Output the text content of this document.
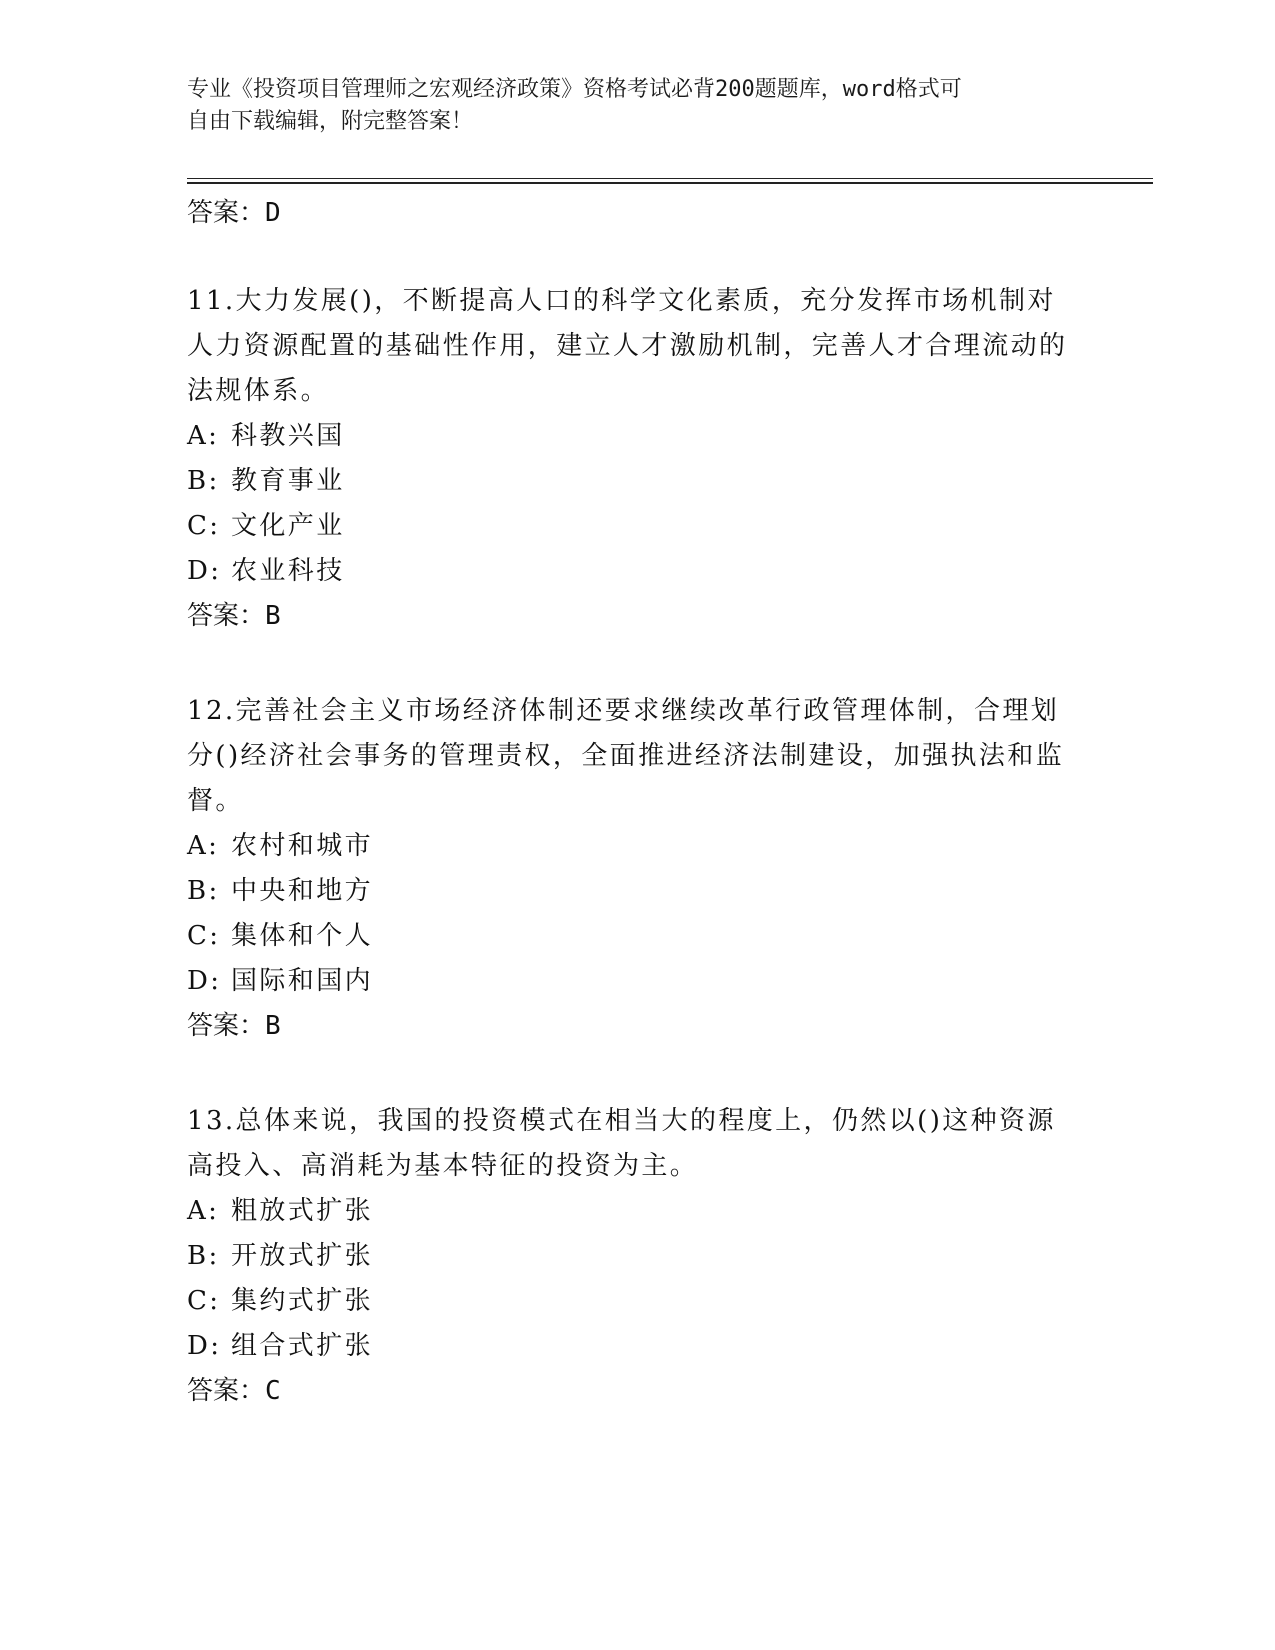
专业《投资项目管理师之宏观经济政策》资格考试必背200题题库，word格式可
自由下载编辑，附完整答案！
答案：D
11.大力发展()，不断提高人口的科学文化素质，充分发挥市场机制对人力资源配置的基础性作用，建立人才激励机制，完善人才合理流动的法规体系。
A: 科教兴国
B: 教育事业
C: 文化产业
D: 农业科技
答案：B
12.完善社会主义市场经济体制还要求继续改革行政管理体制，合理划分()经济社会事务的管理责权，全面推进经济法制建设，加强执法和监督。
A: 农村和城市
B: 中央和地方
C: 集体和个人
D: 国际和国内
答案：B
13.总体来说，我国的投资模式在相当大的程度上，仍然以()这种资源高投入、高消耗为基本特征的投资为主。
A: 粗放式扩张
B: 开放式扩张
C: 集约式扩张
D: 组合式扩张
答案：C
